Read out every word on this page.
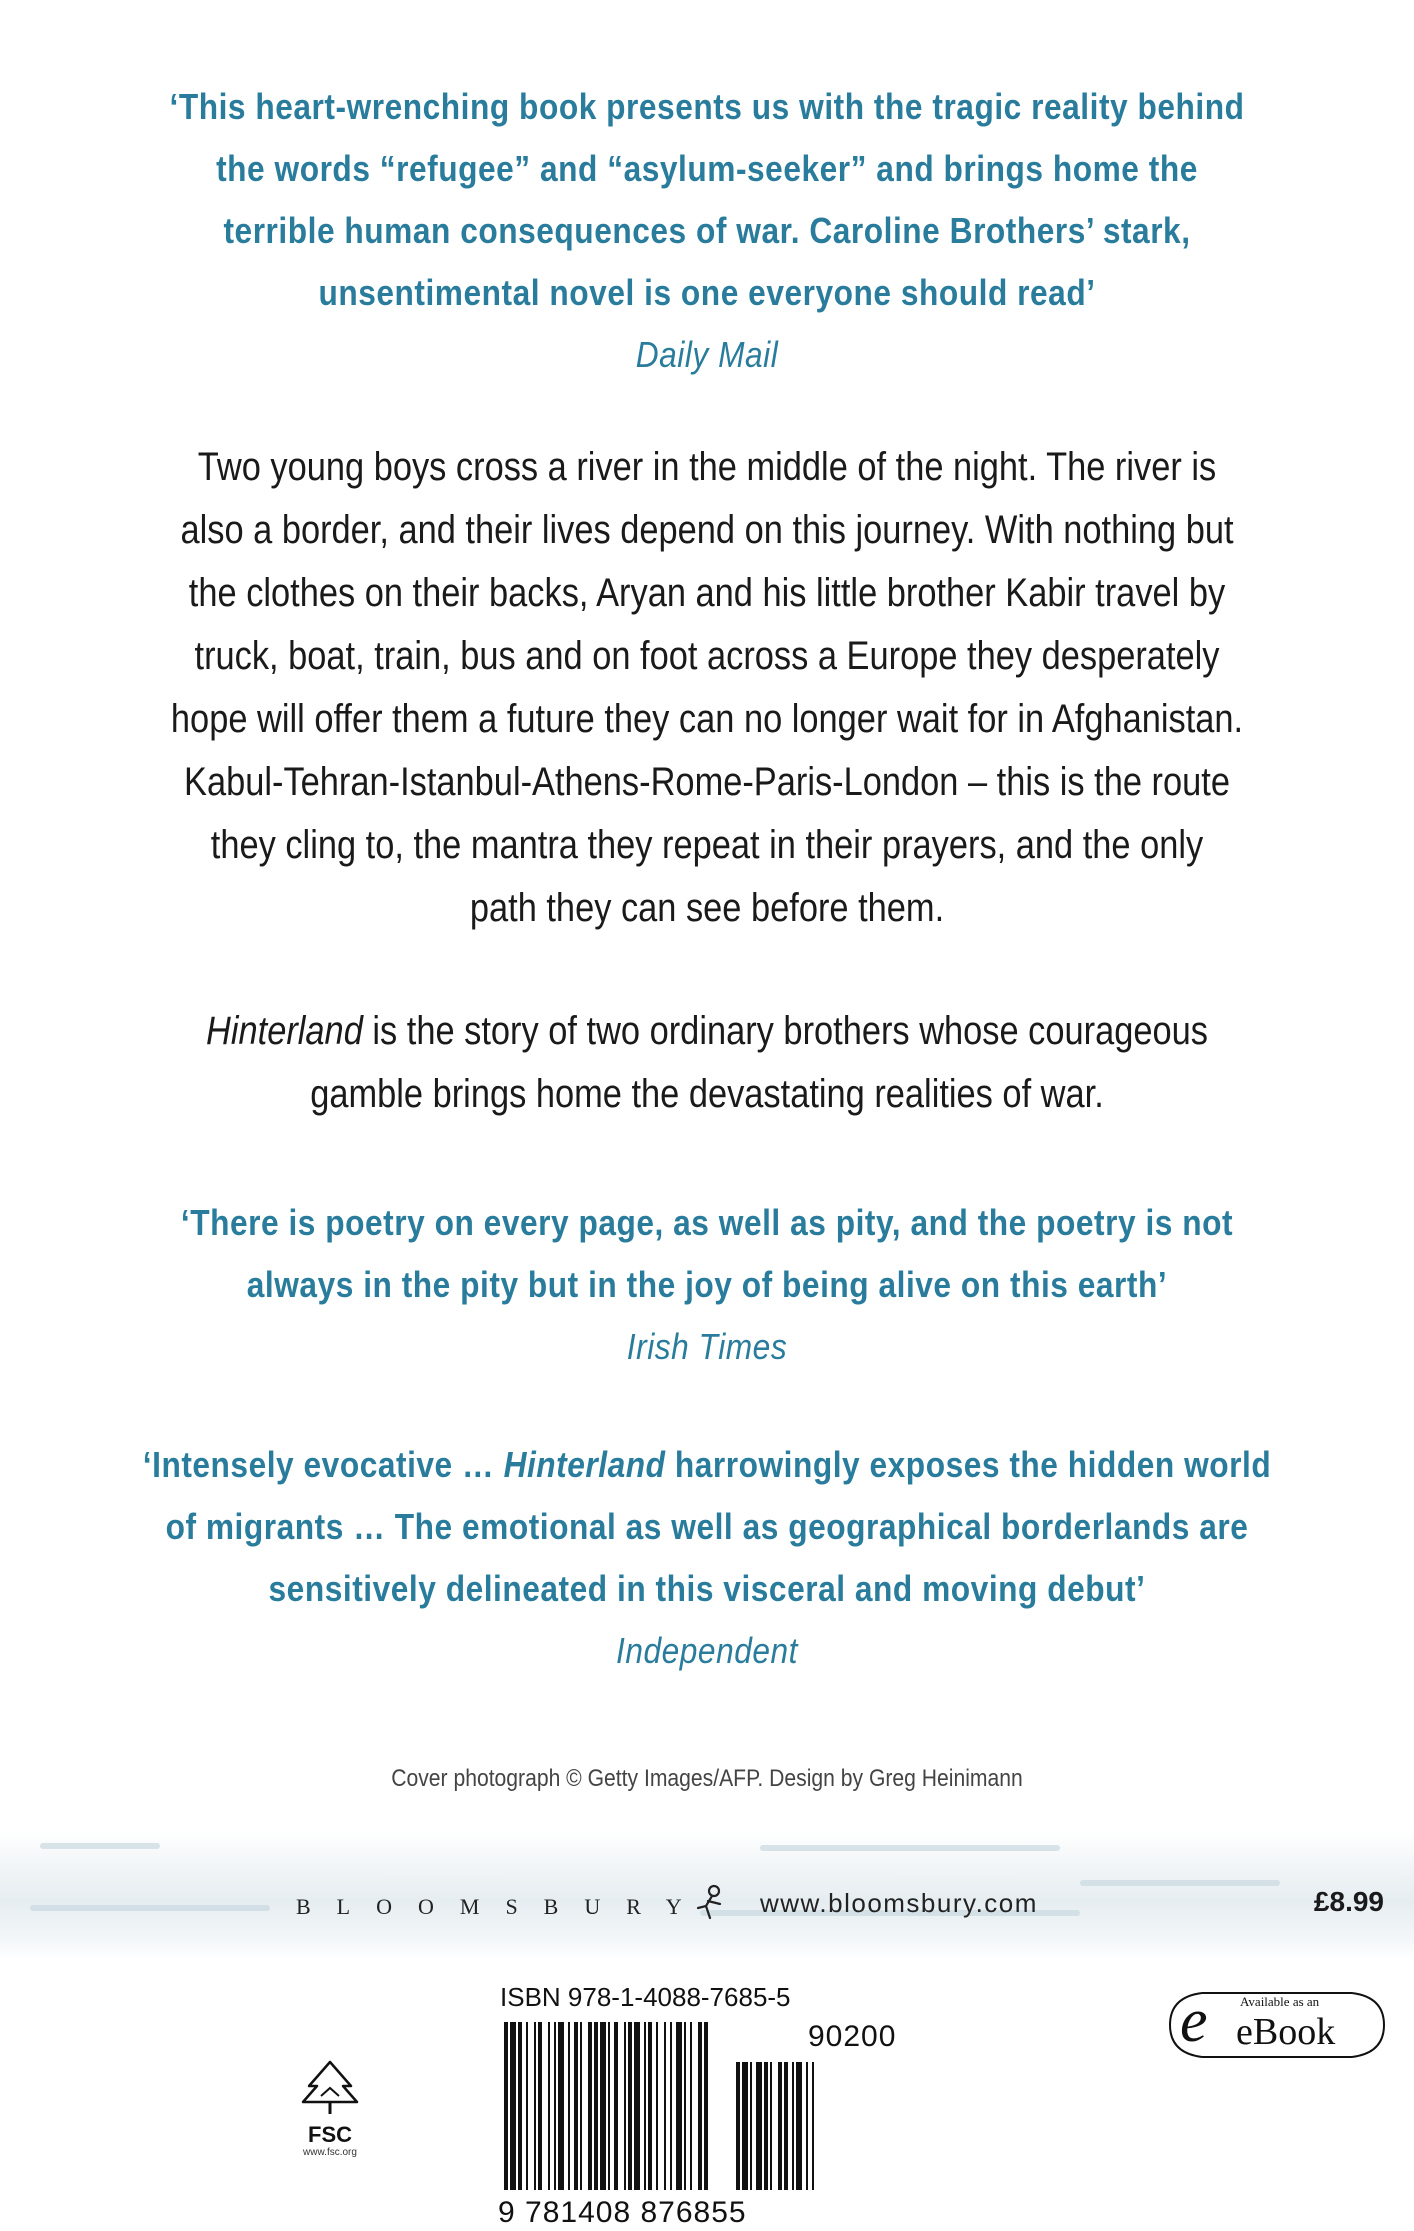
‘This heart-wrenching book presents us with the tragic reality behind
the words “refugee” and “asylum-seeker” and brings home the
terrible human consequences of war. Caroline Brothers’ stark,
unsentimental novel is one everyone should read’
Daily Mail
Two young boys cross a river in the middle of the night. The river is
also a border, and their lives depend on this journey. With nothing but
the clothes on their backs, Aryan and his little brother Kabir travel by
truck, boat, train, bus and on foot across a Europe they desperately
hope will offer them a future they can no longer wait for in Afghanistan.
Kabul-Tehran-Istanbul-Athens-Rome-Paris-London – this is the route
they cling to, the mantra they repeat in their prayers, and the only
path they can see before them.
Hinterland is the story of two ordinary brothers whose courageous
gamble brings home the devastating realities of war.
‘There is poetry on every page, as well as pity, and the poetry is not
always in the pity but in the joy of being alive on this earth’
Irish Times
‘Intensely evocative … Hinterland harrowingly exposes the hidden world
of migrants … The emotional as well as geographical borderlands are
sensitively delineated in this visceral and moving debut’
Independent
Cover photograph © Getty Images/AFP. Design by Greg Heinimann
BLOOMSBURY www.bloomsbury.com	£8.99
ISBN 978-1-4088-7685-5
90200
9 781408 876855
FSC
www.fsc.org
e Available as an
eBook
